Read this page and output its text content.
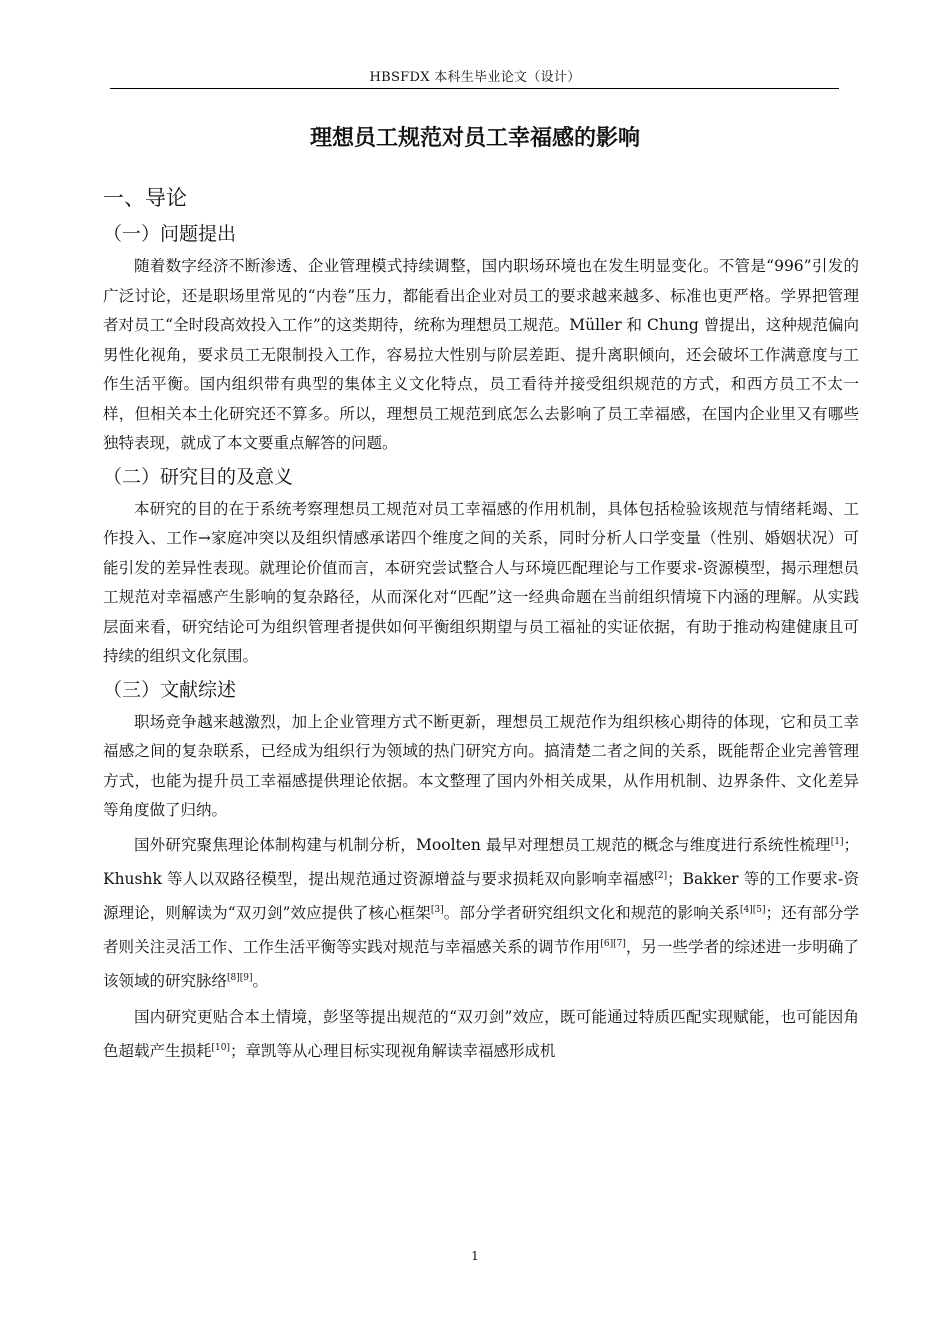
HBSFDX 本科生毕业论文（设计）
理想员工规范对员工幸福感的影响
一、导论
（一）问题提出

随着数字经济不断渗透、企业管理模式持续调整，国内职场环境也在发生明显变化。不管是“996”引发的广泛讨论，还是职场里常见的“内卷”压力，都能看出企业对员工的要求越来越多、标准也更严格。学界把管理者对员工“全时段高效投入工作”的这类期待，统称为理想员工规范。Müller 和 Chung 曾提出，这种规范偏向男性化视角，要求员工无限制投入工作，容易拉大性别与阶层差距、提升离职倾向，还会破坏工作满意度与工作生活平衡。国内组织带有典型的集体主义文化特点，员工看待并接受组织规范的方式，和西方员工不太一样，但相关本土化研究还不算多。所以，理想员工规范到底怎么去影响了员工幸福感，在国内企业里又有哪些独特表现，就成了本文要重点解答的问题。

（二）研究目的及意义

本研究的目的在于系统考察理想员工规范对员工幸福感的作用机制，具体包括检验该规范与情绪耗竭、工作投入、工作→家庭冲突以及组织情感承诺四个维度之间的关系，同时分析人口学变量（性别、婚姻状况）可能引发的差异性表现。就理论价值而言，本研究尝试整合人与环境匹配理论与工作要求-资源模型，揭示理想员工规范对幸福感产生影响的复杂路径，从而深化对“匹配”这一经典命题在当前组织情境下内涵的理解。从实践层面来看，研究结论可为组织管理者提供如何平衡组织期望与员工福祉的实证依据，有助于推动构建健康且可持续的组织文化氛围。

（三）文献综述

职场竞争越来越激烈，加上企业管理方式不断更新，理想员工规范作为组织核心期待的体现，它和员工幸福感之间的复杂联系，已经成为组织行为领域的热门研究方向。搞清楚二者之间的关系，既能帮企业完善管理方式，也能为提升员工幸福感提供理论依据。本文整理了国内外相关成果，从作用机制、边界条件、文化差异等角度做了归纳。

国外研究聚焦理论体制构建与机制分析，Moolten 最早对理想员工规范的概念与维度进行系统性梳理[1]；Khushk 等人以双路径模型，提出规范通过资源增益与要求损耗双向影响幸福感[2]；Bakker 等的工作要求-资源理论，则解读为“双刃剑”效应提供了核心框架[3]。部分学者研究组织文化和规范的影响关系[4][5]；还有部分学者则关注灵活工作、工作生活平衡等实践对规范与幸福感关系的调节作用[6][7]，另一些学者的综述进一步明确了该领域的研究脉络[8][9]。

国内研究更贴合本土情境，彭坚等提出规范的“双刃剑”效应，既可能通过特质匹配实现赋能，也可能因角色超载产生损耗[10]；章凯等从心理目标实现视角解读幸福感形成机

1
